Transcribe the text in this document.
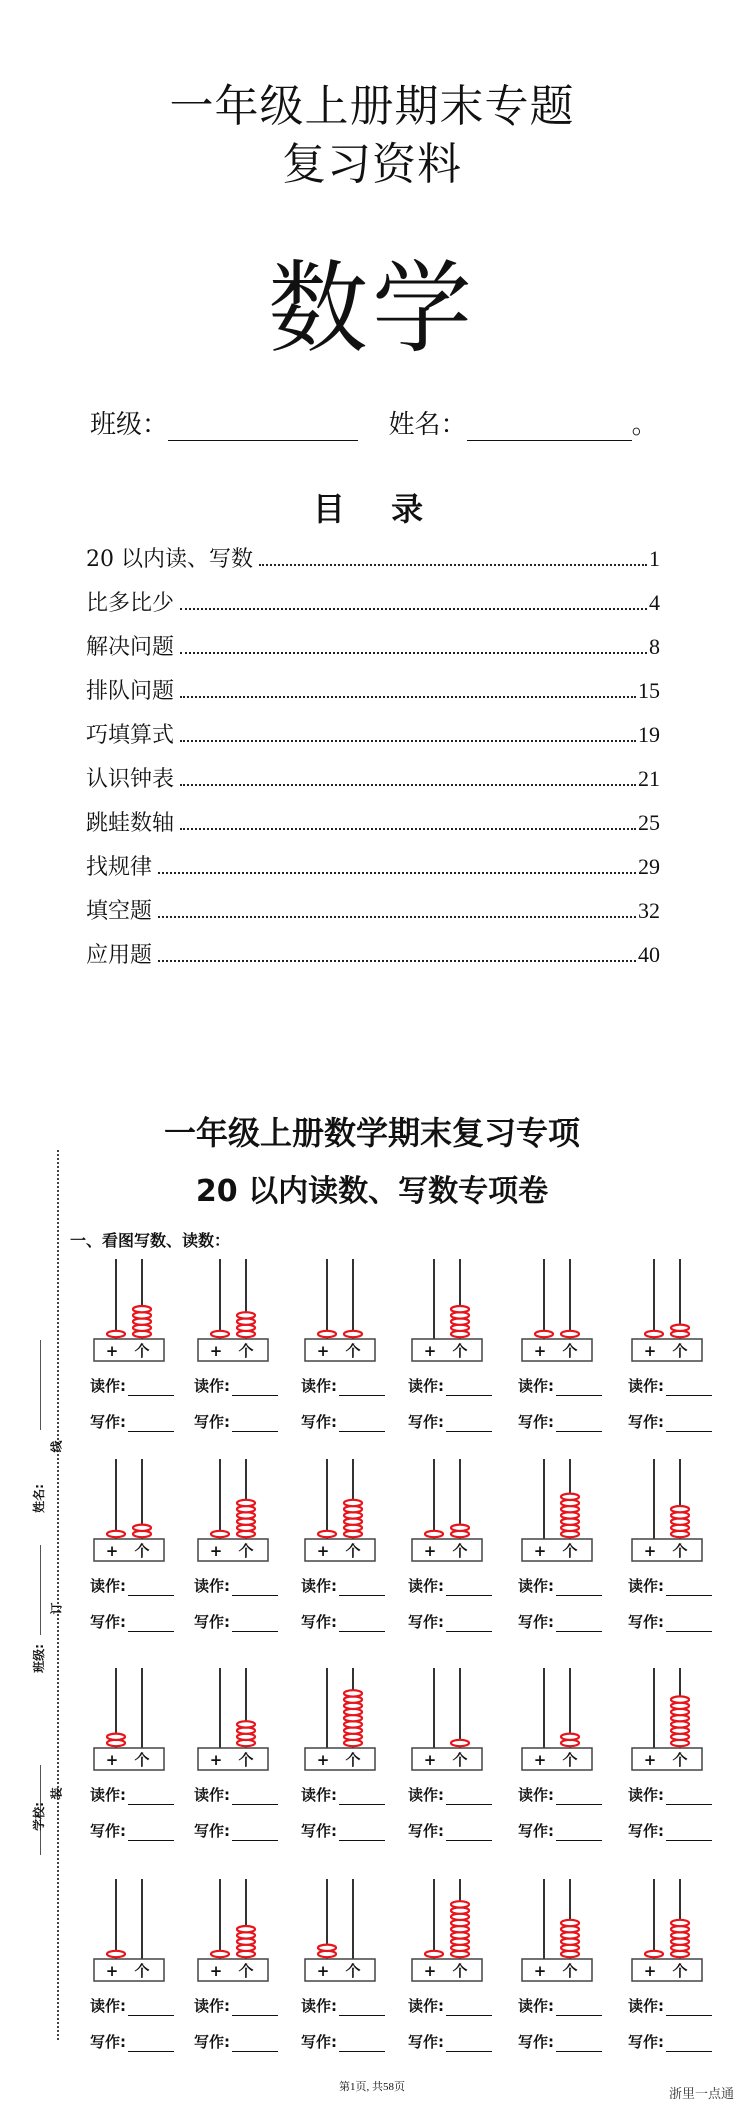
一年级上册期末专题
复习资料
数学
班级：	姓名：	。
目  录
20 以内读、写数	1
比多比少	4
解决问题	8
排队问题	15
巧填算式	19
认识钟表	21
跳蛙数轴	25
找规律	29
填空题	32
应用题	40
一年级上册数学期末复习专项
20 以内读数、写数专项卷
一、看图写数、读数：
姓名:
班级:
学校:
线
订
装
+ 个
读作:
写作:
+ 个
读作:
写作:
+ 个
读作:
写作:
+ 个
读作:
写作:
+ 个
读作:
写作:
+ 个
读作:
写作:
+ 个
读作:
写作:
+ 个
读作:
写作:
+ 个
读作:
写作:
+ 个
读作:
写作:
+ 个
读作:
写作:
+ 个
读作:
写作:
+ 个
读作:
写作:
+ 个
读作:
写作:
+ 个
读作:
写作:
+ 个
读作:
写作:
+ 个
读作:
写作:
+ 个
读作:
写作:
+ 个
读作:
写作:
+ 个
读作:
写作:
+ 个
读作:
写作:
+ 个
读作:
写作:
+ 个
读作:
写作:
+ 个
读作:
写作:
第1页, 共58页	浙里一点通
